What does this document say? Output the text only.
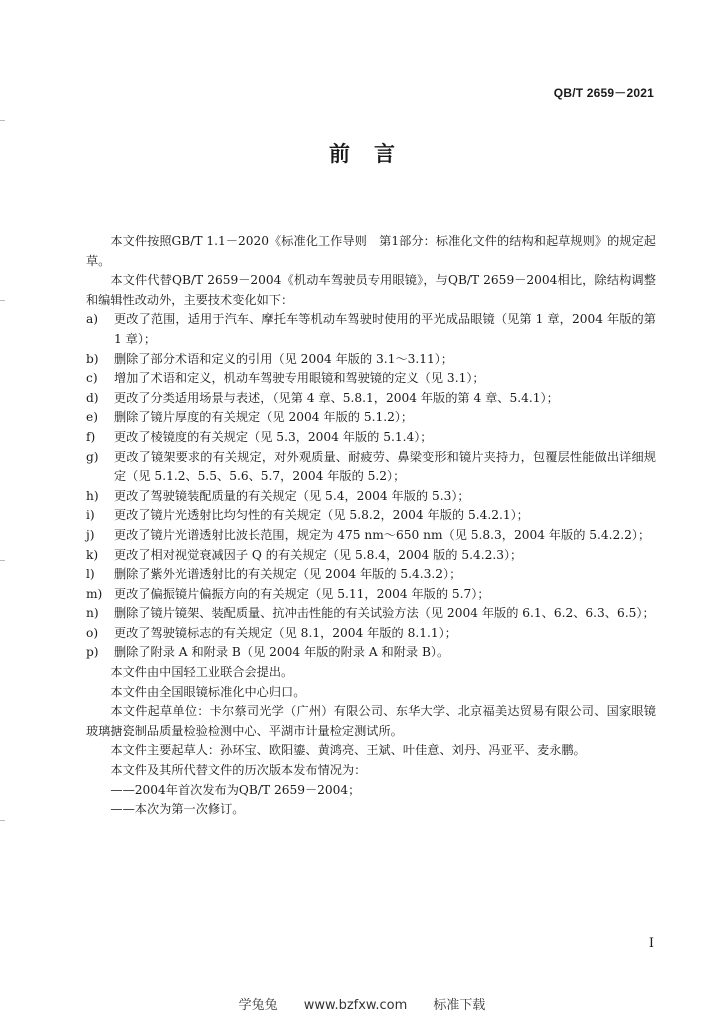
QB/T 2659－2021
前言

本文件按照GB/T 1.1－2020《标准化工作导则　第1部分：标准化文件的结构和起草规则》的规定起草。

本文件代替QB/T 2659－2004《机动车驾驶员专用眼镜》，与QB/T 2659－2004相比，除结构调整和编辑性改动外，主要技术变化如下：

a) 更改了范围，适用于汽车、摩托车等机动车驾驶时使用的平光成品眼镜（见第 1 章，2004 年版的第 1 章）；
b) 删除了部分术语和定义的引用（见 2004 年版的 3.1～3.11）；
c) 增加了术语和定义，机动车驾驶专用眼镜和驾驶镜的定义（见 3.1）；
d) 更改了分类适用场景与表述，（见第 4 章、5.8.1，2004 年版的第 4 章、5.4.1）；
e) 删除了镜片厚度的有关规定（见 2004 年版的 5.1.2）；
f) 更改了棱镜度的有关规定（见 5.3，2004 年版的 5.1.4）；
g) 更改了镜架要求的有关规定，对外观质量、耐疲劳、鼻梁变形和镜片夹持力，包覆层性能做出详细规定（见 5.1.2、5.5、5.6、5.7，2004 年版的 5.2）；
h) 更改了驾驶镜装配质量的有关规定（见 5.4，2004 年版的 5.3）；
i) 更改了镜片光透射比均匀性的有关规定（见 5.8.2，2004 年版的 5.4.2.1）；
j) 更改了镜片光谱透射比波长范围，规定为 475 nm～650 nm（见 5.8.3，2004 年版的 5.4.2.2）；
k) 更改了相对视觉衰减因子 Q 的有关规定（见 5.8.4，2004 版的 5.4.2.3）；
l) 删除了紫外光谱透射比的有关规定（见 2004 年版的 5.4.3.2）；
m) 更改了偏振镜片偏振方向的有关规定（见 5.11，2004 年版的 5.7）；
n) 删除了镜片镜架、装配质量、抗冲击性能的有关试验方法（见 2004 年版的 6.1、6.2、6.3、6.5）；
o) 更改了驾驶镜标志的有关规定（见 8.1，2004 年版的 8.1.1）；
p) 删除了附录 A 和附录 B（见 2004 年版的附录 A 和附录 B）。

本文件由中国轻工业联合会提出。

本文件由全国眼镜标准化中心归口。

本文件起草单位：卡尔蔡司光学（广州）有限公司、东华大学、北京福美达贸易有限公司、国家眼镜玻璃搪瓷制品质量检验检测中心、平湖市计量检定测试所。

本文件主要起草人：孙环宝、欧阳鎏、黄鸿亮、王斌、叶佳意、刘丹、冯亚平、麦永鹏。

本文件及其所代替文件的历次版本发布情况为：

——2004年首次发布为QB/T 2659－2004；

——本次为第一次修订。

I
学兔兔 www.bzfxw.com 标准下载
